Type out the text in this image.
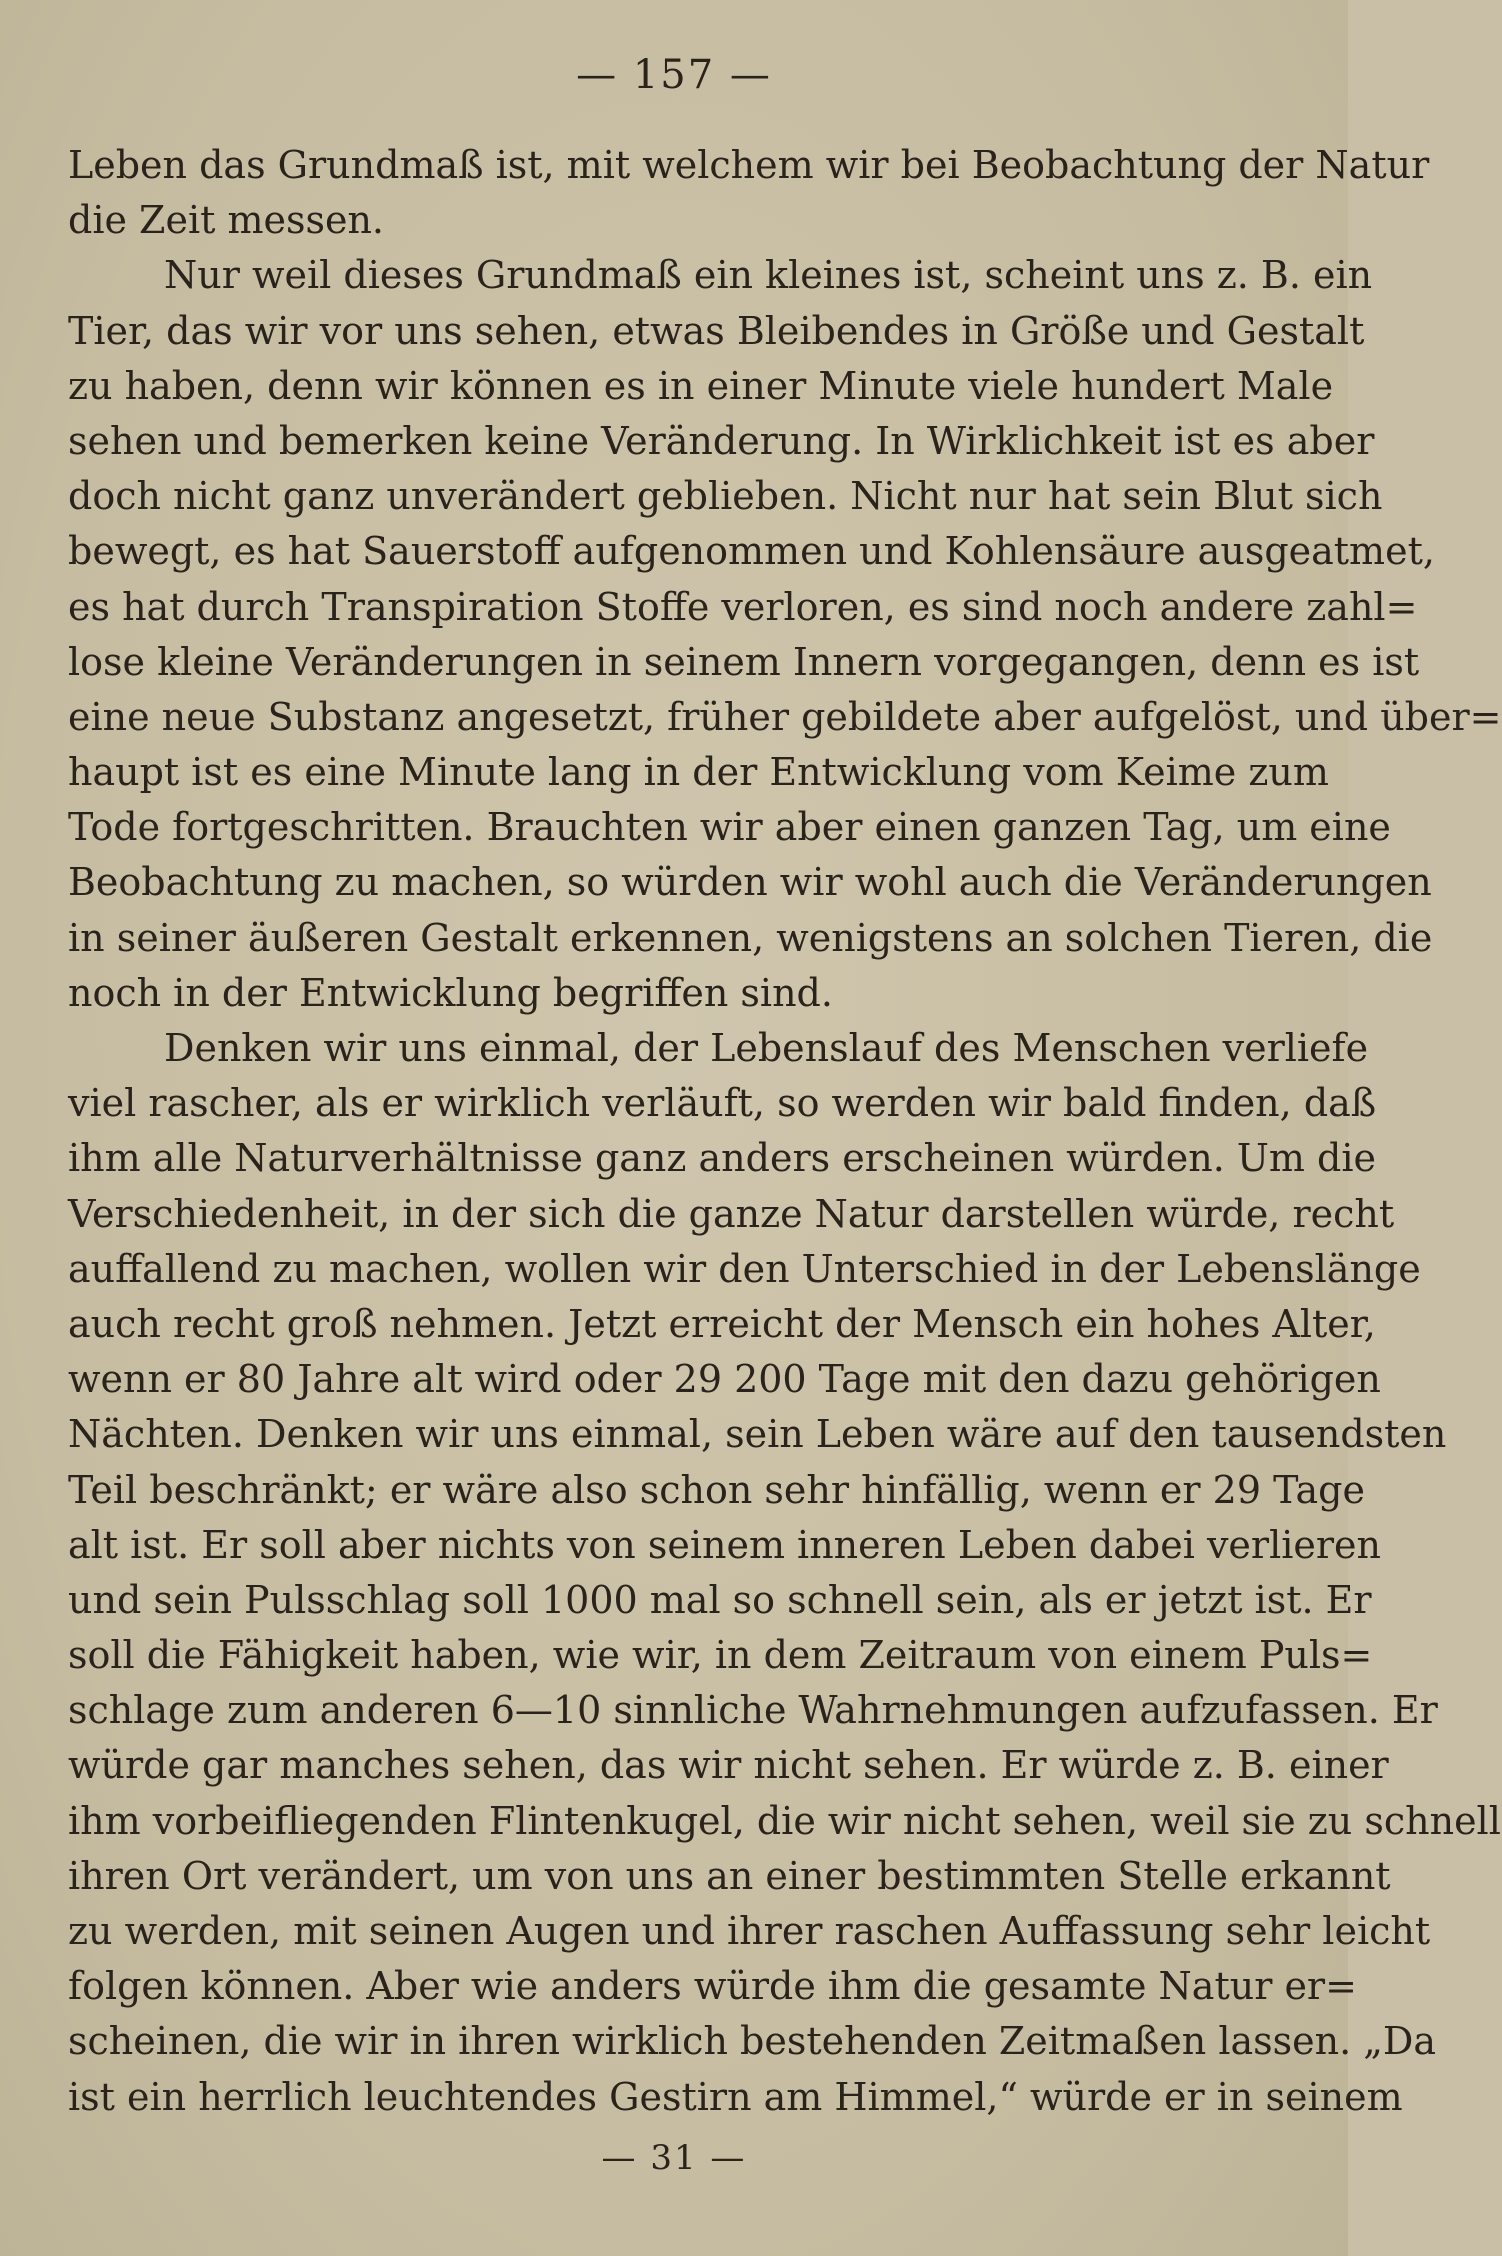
— 157 —
Leben das Grundmaß ist, mit welchem wir bei Beobachtung der Natur
die Zeit messen.
Nur weil dieses Grundmaß ein kleines ist, scheint uns z. B. ein
Tier, das wir vor uns sehen, etwas Bleibendes in Größe und Gestalt
zu haben, denn wir können es in einer Minute viele hundert Male
sehen und bemerken keine Veränderung. In Wirklichkeit ist es aber
doch nicht ganz unverändert geblieben. Nicht nur hat sein Blut sich
bewegt, es hat Sauerstoff aufgenommen und Kohlensäure ausgeatmet,
es hat durch Transpiration Stoffe verloren, es sind noch andere zahl=
lose kleine Veränderungen in seinem Innern vorgegangen, denn es ist
eine neue Substanz angesetzt, früher gebildete aber aufgelöst, und über=
haupt ist es eine Minute lang in der Entwicklung vom Keime zum
Tode fortgeschritten. Brauchten wir aber einen ganzen Tag, um eine
Beobachtung zu machen, so würden wir wohl auch die Veränderungen
in seiner äußeren Gestalt erkennen, wenigstens an solchen Tieren, die
noch in der Entwicklung begriffen sind.
Denken wir uns einmal, der Lebenslauf des Menschen verliefe
viel rascher, als er wirklich verläuft, so werden wir bald finden, daß
ihm alle Naturverhältnisse ganz anders erscheinen würden. Um die
Verschiedenheit, in der sich die ganze Natur darstellen würde, recht
auffallend zu machen, wollen wir den Unterschied in der Lebenslänge
auch recht groß nehmen. Jetzt erreicht der Mensch ein hohes Alter,
wenn er 80 Jahre alt wird oder 29 200 Tage mit den dazu gehörigen
Nächten. Denken wir uns einmal, sein Leben wäre auf den tausendsten
Teil beschränkt; er wäre also schon sehr hinfällig, wenn er 29 Tage
alt ist. Er soll aber nichts von seinem inneren Leben dabei verlieren
und sein Pulsschlag soll 1000 mal so schnell sein, als er jetzt ist. Er
soll die Fähigkeit haben, wie wir, in dem Zeitraum von einem Puls=
schlage zum anderen 6—10 sinnliche Wahrnehmungen aufzufassen. Er
würde gar manches sehen, das wir nicht sehen. Er würde z. B. einer
ihm vorbeifliegenden Flintenkugel, die wir nicht sehen, weil sie zu schnell
ihren Ort verändert, um von uns an einer bestimmten Stelle erkannt
zu werden, mit seinen Augen und ihrer raschen Auffassung sehr leicht
folgen können. Aber wie anders würde ihm die gesamte Natur er=
scheinen, die wir in ihren wirklich bestehenden Zeitmaßen lassen. „Da
ist ein herrlich leuchtendes Gestirn am Himmel,“ würde er in seinem
— 31 —
